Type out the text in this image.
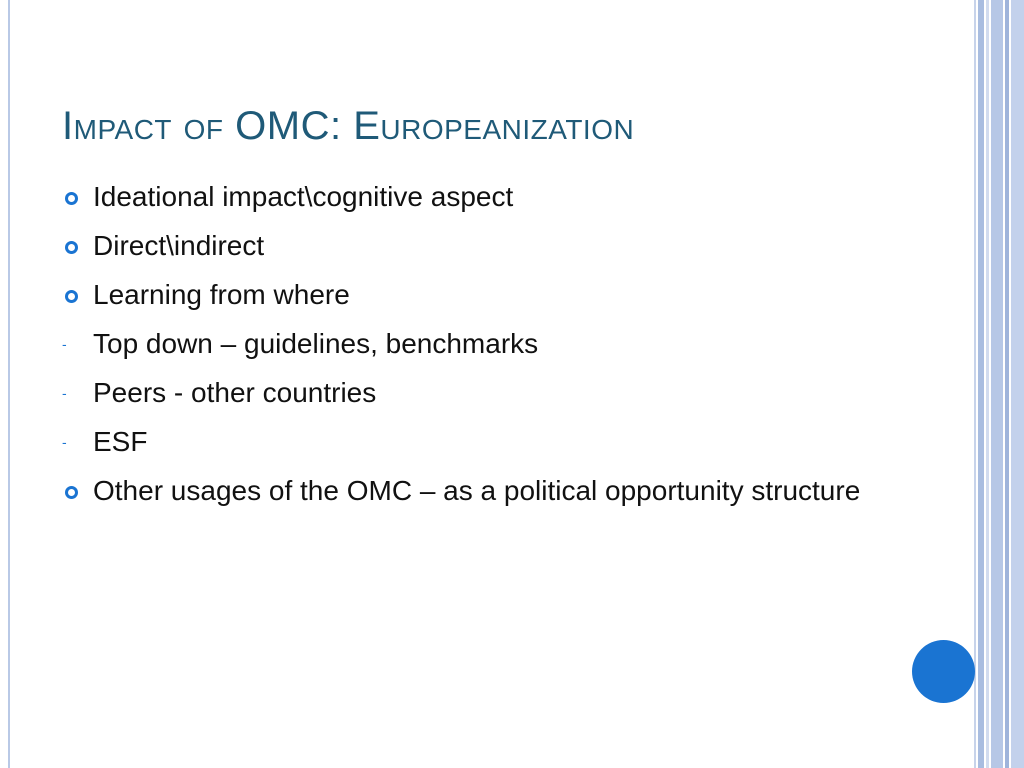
Impact of OMC: Europeanization
Ideational impact\cognitive aspect
Direct\indirect
Learning from where
- Top down – guidelines, benchmarks
- Peers - other countries
- ESF
Other usages of the OMC – as a political opportunity structure
